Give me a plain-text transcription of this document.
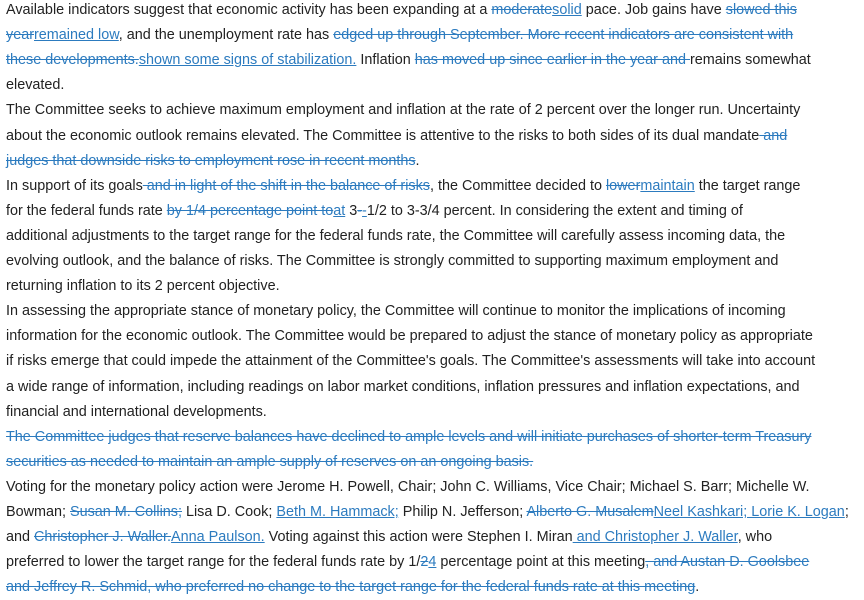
Available indicators suggest that economic activity has been expanding at a moderatesolid pace. Job gains have slowed this
yearremained low, and the unemployment rate has edged up through September. More recent indicators are consistent with
these developments.shown some signs of stabilization. Inflation has moved up since earlier in the year and remains somewhat
elevated.
The Committee seeks to achieve maximum employment and inflation at the rate of 2 percent over the longer run. Uncertainty
about the economic outlook remains elevated. The Committee is attentive to the risks to both sides of its dual mandate and
judges that downside risks to employment rose in recent months.
In support of its goals and in light of the shift in the balance of risks, the Committee decided to lowermaintain the target range
for the federal funds rate by 1/4 percentage point toat 3--1/2 to 3-3/4 percent. In considering the extent and timing of
additional adjustments to the target range for the federal funds rate, the Committee will carefully assess incoming data, the
evolving outlook, and the balance of risks. The Committee is strongly committed to supporting maximum employment and
returning inflation to its 2 percent objective.
In assessing the appropriate stance of monetary policy, the Committee will continue to monitor the implications of incoming
information for the economic outlook. The Committee would be prepared to adjust the stance of monetary policy as appropriate
if risks emerge that could impede the attainment of the Committee's goals. The Committee's assessments will take into account
a wide range of information, including readings on labor market conditions, inflation pressures and inflation expectations, and
financial and international developments.
The Committee judges that reserve balances have declined to ample levels and will initiate purchases of shorter-term Treasury
securities as needed to maintain an ample supply of reserves on an ongoing basis.
Voting for the monetary policy action were Jerome H. Powell, Chair; John C. Williams, Vice Chair; Michael S. Barr; Michelle W.
Bowman; Susan M. Collins; Lisa D. Cook; Beth M. Hammack; Philip N. Jefferson; Alberto G. MusalemNeel Kashkari; Lorie K. Logan;
and Christopher J. Waller.Anna Paulson. Voting against this action were Stephen I. Miran and Christopher J. Waller, who
preferred to lower the target range for the federal funds rate by 1/24 percentage point at this meeting, and Austan D. Goolsbee
and Jeffrey R. Schmid, who preferred no change to the target range for the federal funds rate at this meeting.
